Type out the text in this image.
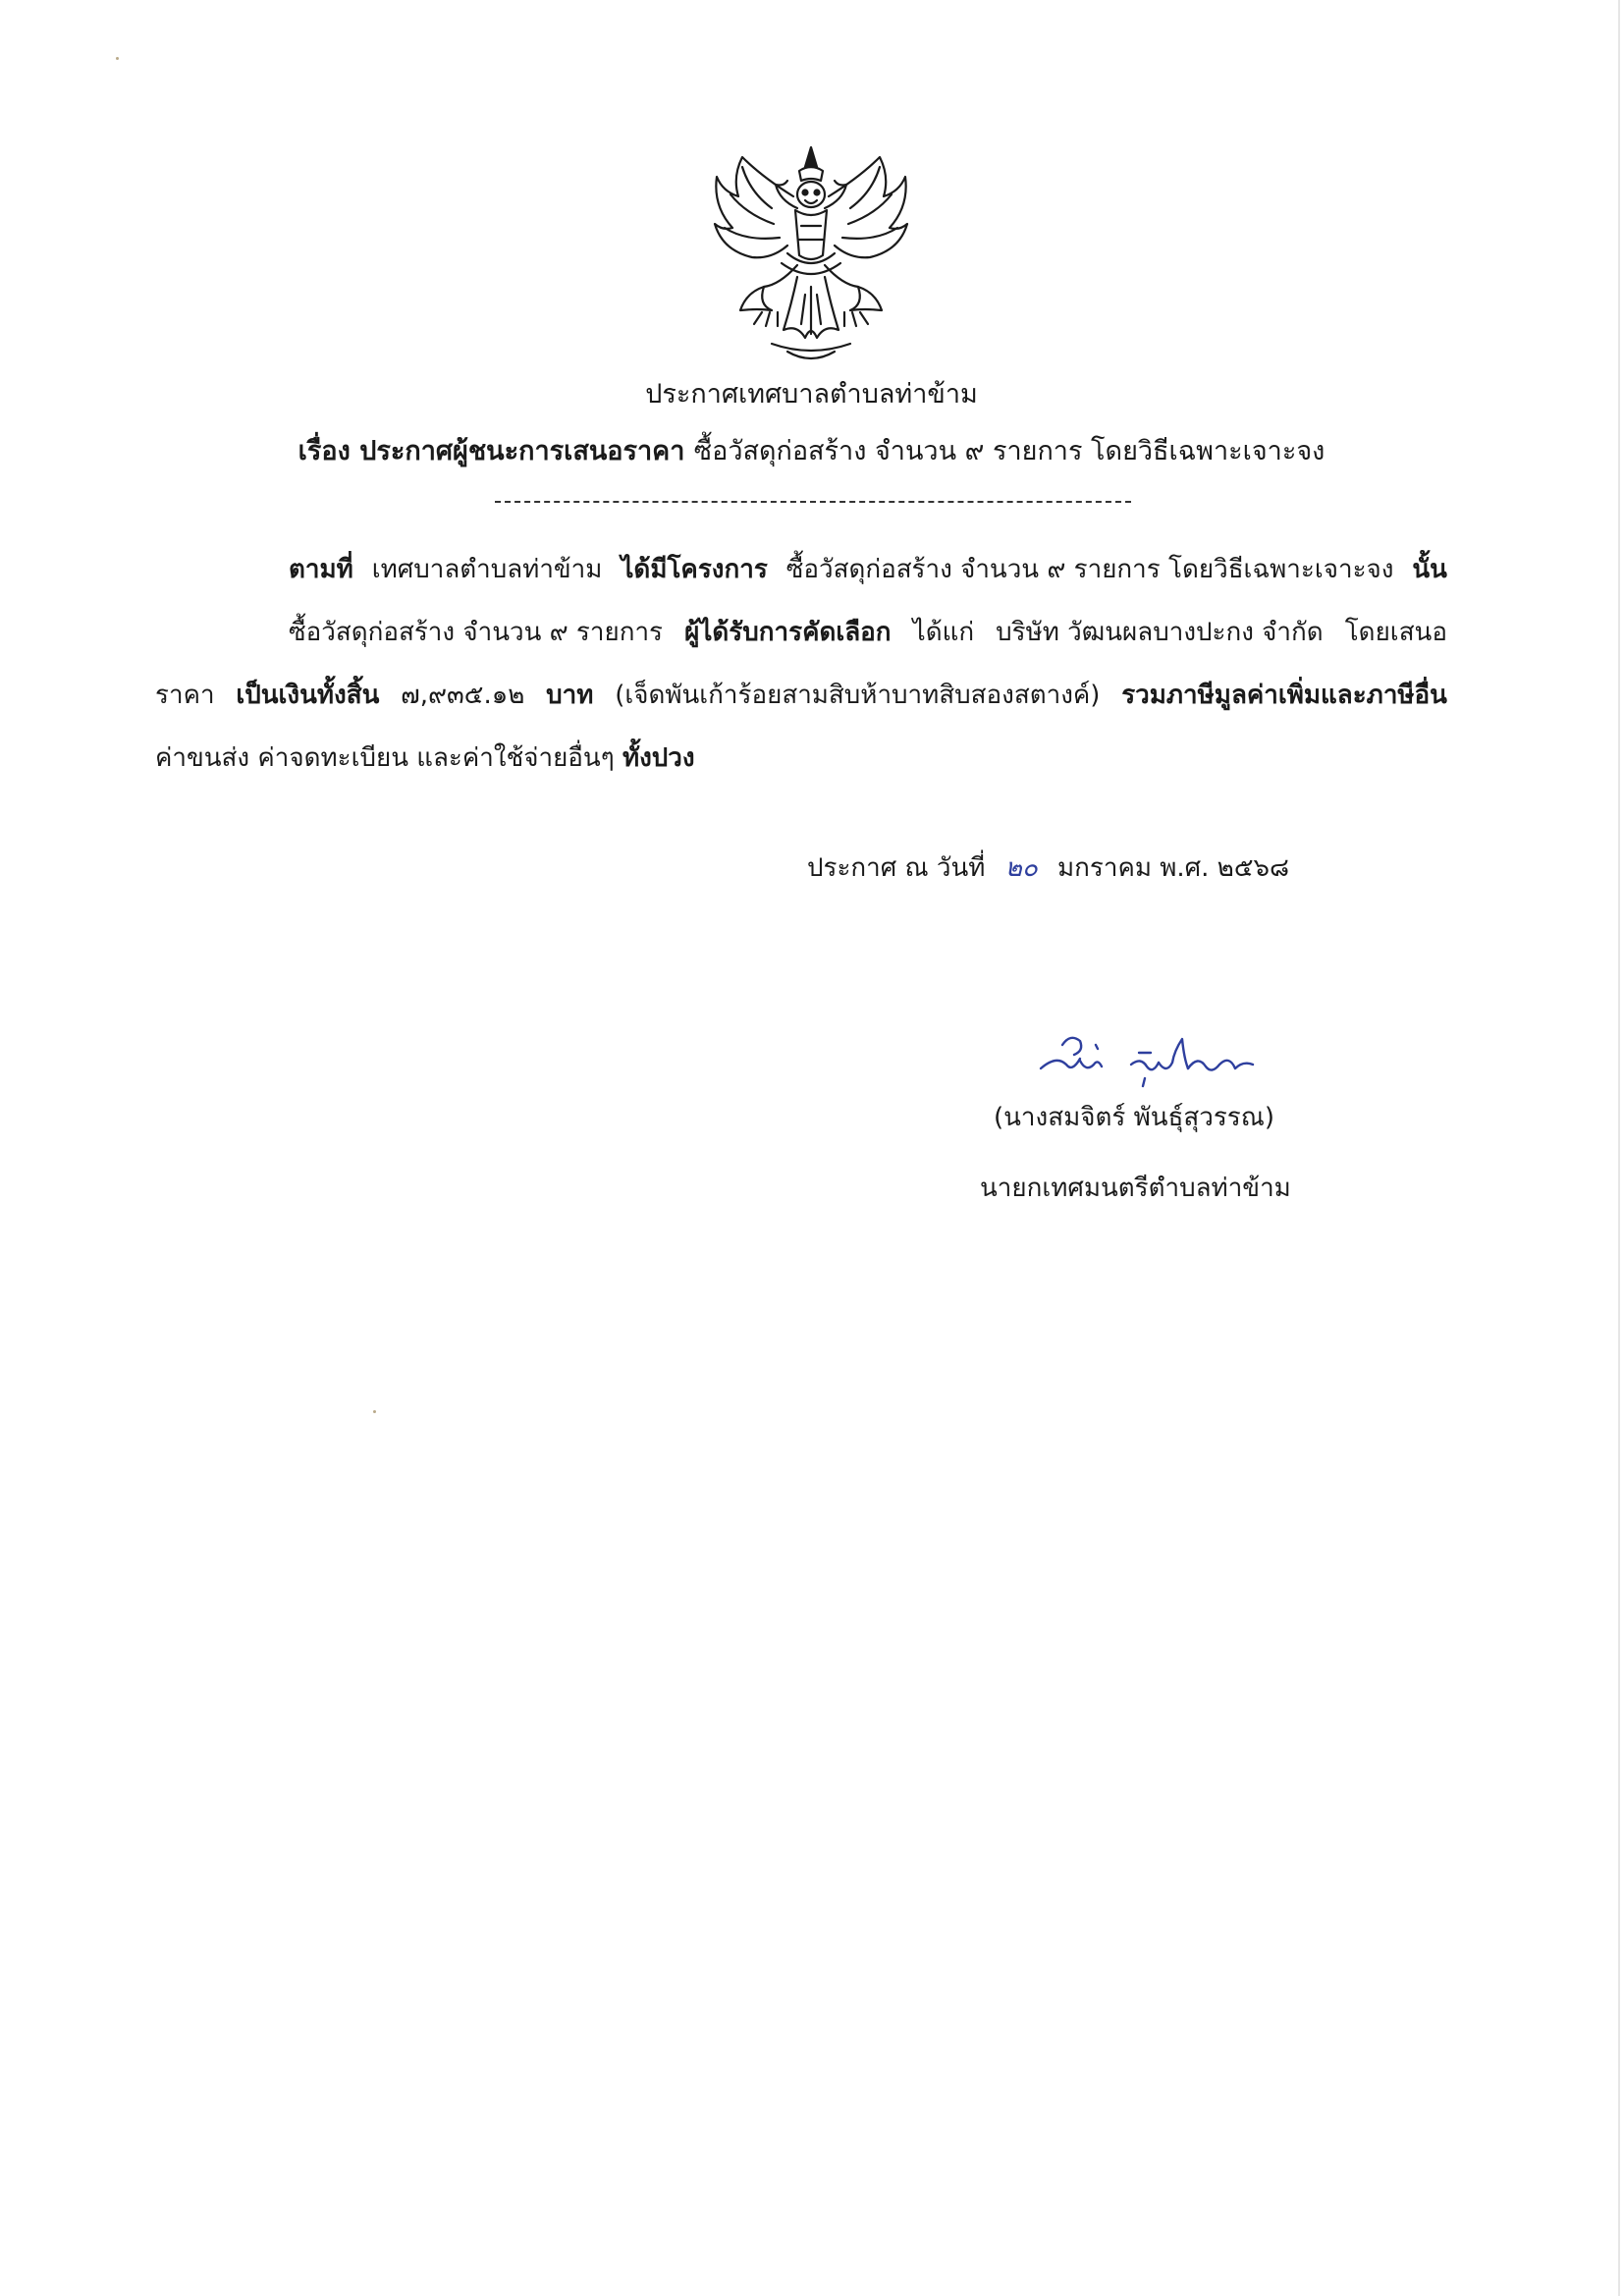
ประกาศเทศบาลตำบลท่าข้าม
เรื่อง ประกาศผู้ชนะการเสนอราคา ซื้อวัสดุก่อสร้าง จำนวน ๙ รายการ โดยวิธีเฉพาะเจาะจง
ตามที่ เทศบาลตำบลท่าข้าม ได้มีโครงการ ซื้อวัสดุก่อสร้าง จำนวน ๙ รายการ โดยวิธีเฉพาะเจาะจง นั้น
ซื้อวัสดุก่อสร้าง จำนวน ๙ รายการ ผู้ได้รับการคัดเลือก ได้แก่ บริษัท วัฒนผลบางปะกง จำกัด โดยเสนอ
ราคา เป็นเงินทั้งสิ้น ๗,๙๓๕.๑๒ บาท (เจ็ดพันเก้าร้อยสามสิบห้าบาทสิบสองสตางค์) รวมภาษีมูลค่าเพิ่มและภาษีอื่น
ค่าขนส่ง ค่าจดทะเบียน และค่าใช้จ่ายอื่นๆ ทั้งปวง
ประกาศ ณ วันที่ ๒๐ มกราคม พ.ศ. ๒๕๖๘
(นางสมจิตร์ พันธุ์สุวรรณ)
นายกเทศมนตรีตำบลท่าข้าม
